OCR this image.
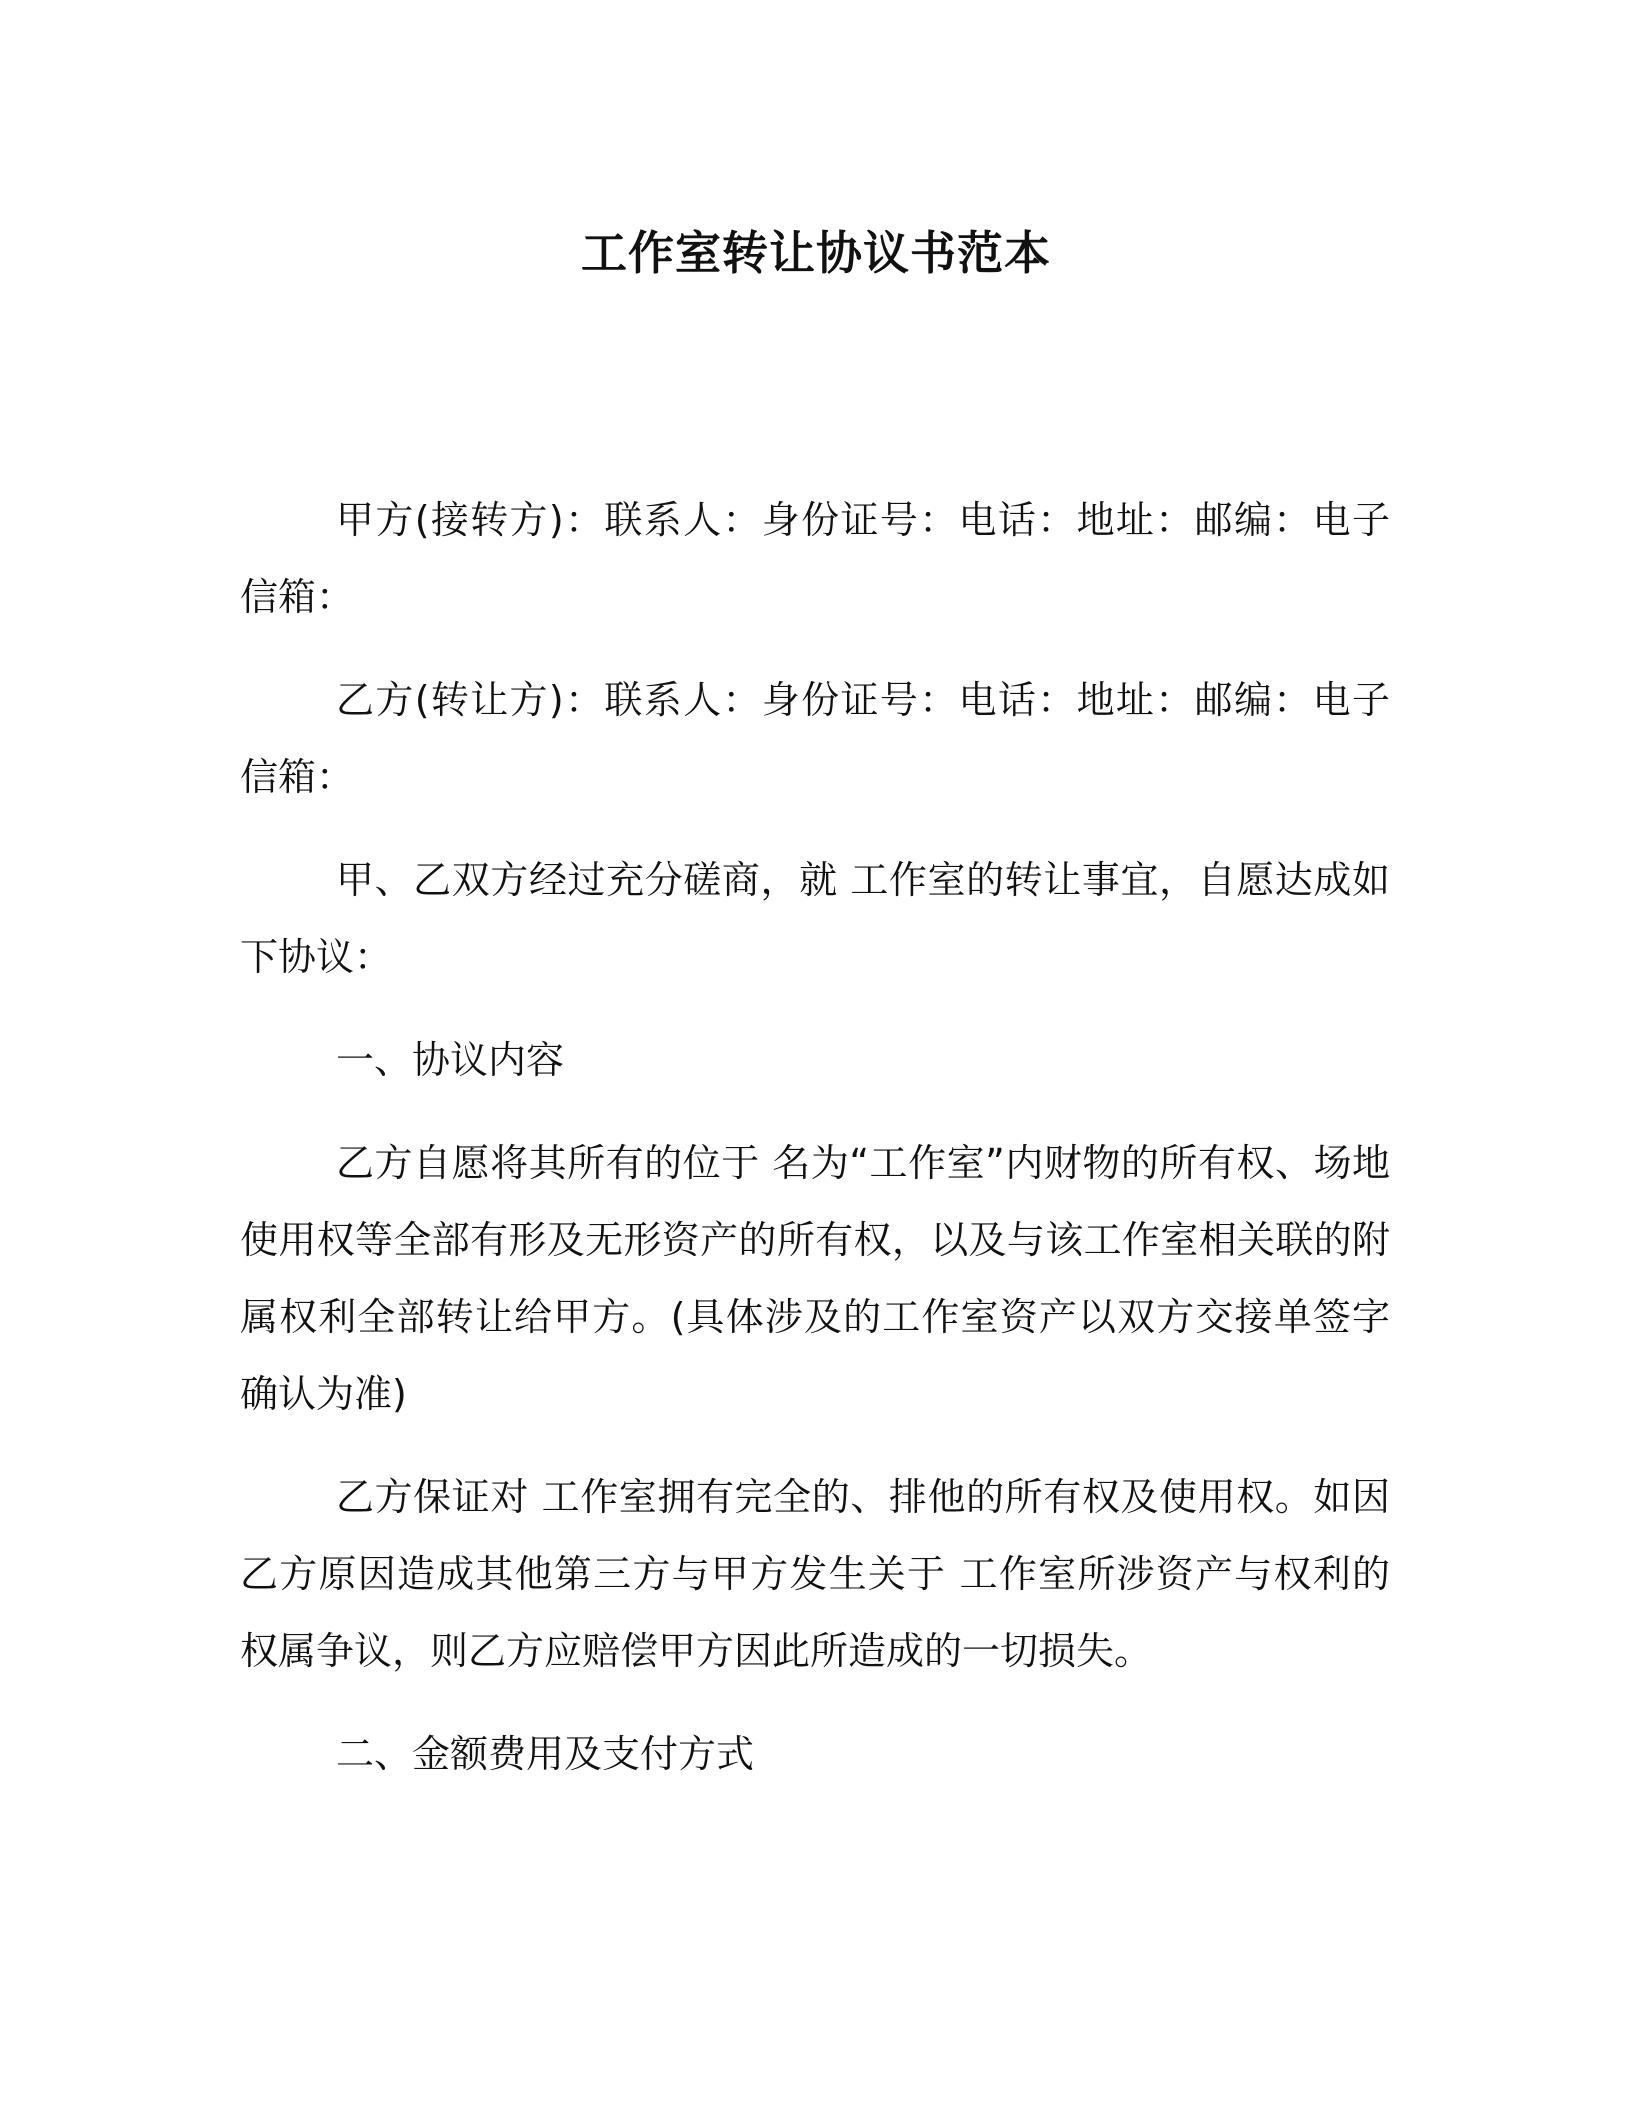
工作室转让协议书范本

甲方(接转方)：联系人：身份证号：电话：地址：邮编：电子信箱：

乙方(转让方)：联系人：身份证号：电话：地址：邮编：电子信箱：

甲、乙双方经过充分磋商，就 工作室的转让事宜，自愿达成如下协议：

一、协议内容

乙方自愿将其所有的位于 名为“工作室”内财物的所有权、场地使用权等全部有形及无形资产的所有权，以及与该工作室相关联的附属权利全部转让给甲方。(具体涉及的工作室资产以双方交接单签字确认为准)

乙方保证对 工作室拥有完全的、排他的所有权及使用权。如因乙方原因造成其他第三方与甲方发生关于 工作室所涉资产与权利的权属争议，则乙方应赔偿甲方因此所造成的一切损失。

二、金额费用及支付方式
